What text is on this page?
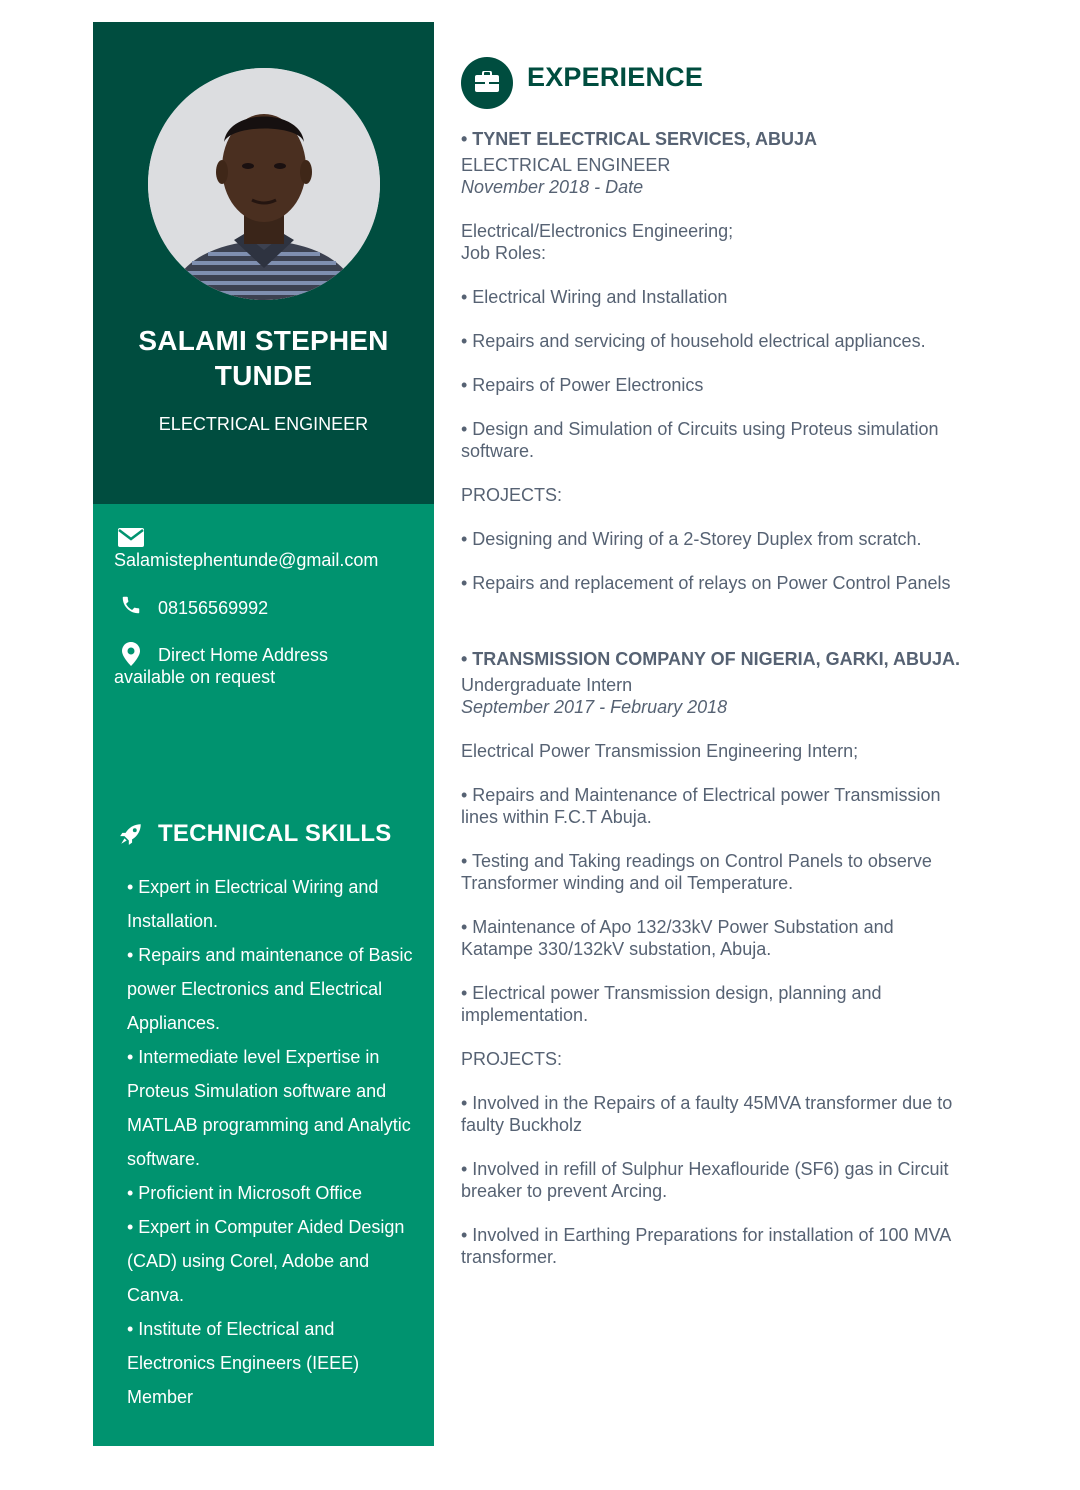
SALAMI STEPHEN
TUNDE
ELECTRICAL ENGINEER
Salamistephentunde@gmail.com
08156569992
Direct Home Address
available on request
TECHNICAL SKILLS
• Expert in Electrical Wiring and Installation.
• Repairs and maintenance of Basic power Electronics and Electrical Appliances.
• Intermediate level Expertise in Proteus Simulation software and MATLAB programming and Analytic software.
• Proficient in Microsoft Office
• Expert in Computer Aided Design (CAD) using Corel, Adobe and Canva.
• Institute of Electrical and Electronics Engineers (IEEE) Member
EXPERIENCE

• TYNET ELECTRICAL SERVICES, ABUJA

ELECTRICAL ENGINEER

November 2018 - Date

Electrical/Electronics Engineering;

Job Roles:

• Electrical Wiring and Installation

• Repairs and servicing of household electrical appliances.

• Repairs of Power Electronics

• Design and Simulation of Circuits using Proteus simulation software.

PROJECTS:

• Designing and Wiring of a 2-Storey Duplex from scratch.

• Repairs and replacement of relays on Power Control Panels

• TRANSMISSION COMPANY OF NIGERIA, GARKI, ABUJA.

Undergraduate Intern

September 2017 - February 2018

Electrical Power Transmission Engineering Intern;

• Repairs and Maintenance of Electrical power Transmission lines within F.C.T Abuja.

• Testing and Taking readings on Control Panels to observe Transformer winding and oil Temperature.

• Maintenance of Apo 132/33kV Power Substation and Katampe 330/132kV substation, Abuja.

• Electrical power Transmission design, planning and implementation.

PROJECTS:

• Involved in the Repairs of a faulty 45MVA transformer due to faulty Buckholz

• Involved in refill of Sulphur Hexaflouride (SF6) gas in Circuit breaker to prevent Arcing.

• Involved in Earthing Preparations for installation of 100 MVA transformer.
